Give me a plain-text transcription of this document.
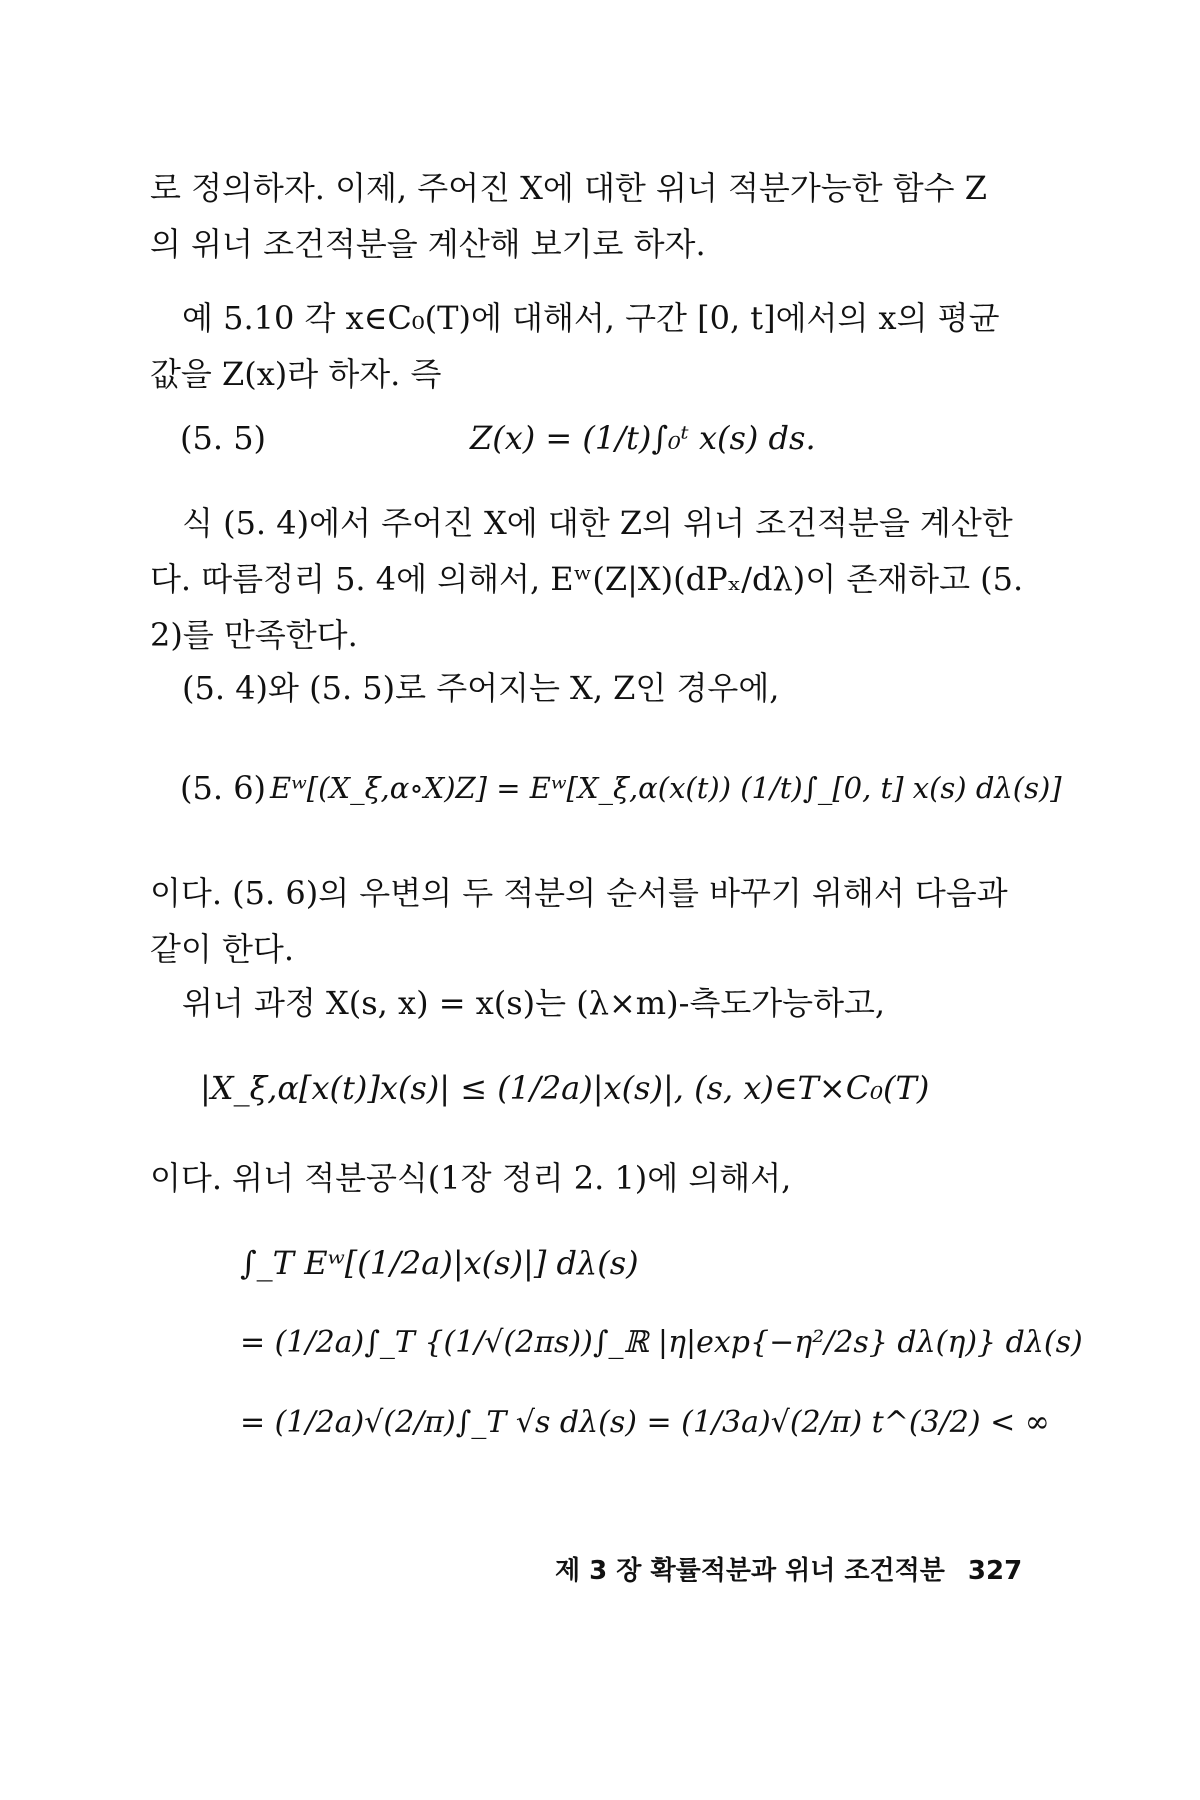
로 정의하자. 이제, 주어진 X에 대한 위너 적분가능한 함수 Z
의 위너 조건적분을 계산해 보기로 하자.
예 5.10 각 x∈C₀(T)에 대해서, 구간 [0, t]에서의 x의 평균
값을 Z(x)라 하자. 즉
(5. 5)	Z(x) = (1/t)∫₀ᵗ x(s) ds.
식 (5. 4)에서 주어진 X에 대한 Z의 위너 조건적분을 계산한
다. 따름정리 5. 4에 의해서, Eʷ(Z|X)(dPₓ/dλ)이 존재하고 (5.
2)를 만족한다.
(5. 4)와 (5. 5)로 주어지는 X, Z인 경우에,
(5. 6) Eʷ[(X_ξ,α∘X)Z] = Eʷ[X_ξ,α(x(t)) (1/t)∫_[0, t] x(s) dλ(s)]
이다. (5. 6)의 우변의 두 적분의 순서를 바꾸기 위해서 다음과
같이 한다.
위너 과정 X(s, x) = x(s)는 (λ×m)-측도가능하고,
|X_ξ,α[x(t)]x(s)| ≤ (1/2a)|x(s)|, (s, x)∈T×C₀(T)
이다. 위너 적분공식(1장 정리 2. 1)에 의해서,
∫_T Eʷ[(1/2a)|x(s)|] dλ(s)
= (1/2a)∫_T {(1/√(2πs))∫_ℝ |η|exp{−η²/2s} dλ(η)} dλ(s)
= (1/2a)√(2/π)∫_T √s dλ(s) = (1/3a)√(2/π) t^(3/2) < ∞
제 3 장 확률적분과 위너 조건적분 327
